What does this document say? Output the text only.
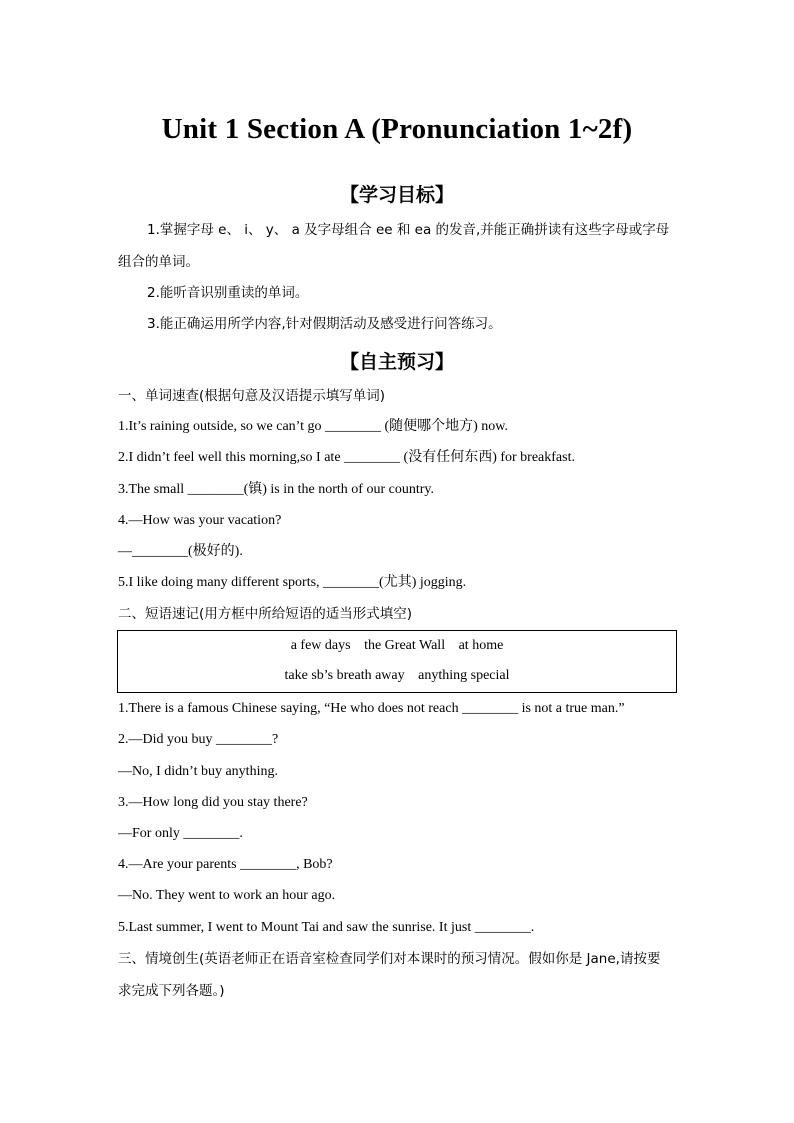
Unit 1 Section A (Pronunciation 1~2f)
【学习目标】
1.掌握字母 e、 i、 y、 a 及字母组合 ee 和 ea 的发音,并能正确拼读有这些字母或字母
组合的单词。
2.能听音识别重读的单词。
3.能正确运用所学内容,针对假期活动及感受进行问答练习。
【自主预习】
一、单词速查(根据句意及汉语提示填写单词)
1.It’s raining outside, so we can’t go ________ (随便哪个地方) now.
2.I didn’t feel well this morning,so I ate ________ (没有任何东西) for breakfast.
3.The small ________(镇) is in the north of our country.
4.—How was your vacation?
—________(极好的).
5.I like doing many different sports, ________(尤其) jogging.
二、短语速记(用方框中所给短语的适当形式填空)
a few days the Great Wall at home
take sb’s breath away anything special
1.There is a famous Chinese saying, “He who does not reach ________ is not a true man.”
2.—Did you buy ________?
—No, I didn’t buy anything.
3.—How long did you stay there?
—For only ________.
4.—Are your parents ________, Bob?
—No. They went to work an hour ago.
5.Last summer, I went to Mount Tai and saw the sunrise. It just ________.
三、情境创生(英语老师正在语音室检查同学们对本课时的预习情况。假如你是 Jane,请按要
求完成下列各题。)
